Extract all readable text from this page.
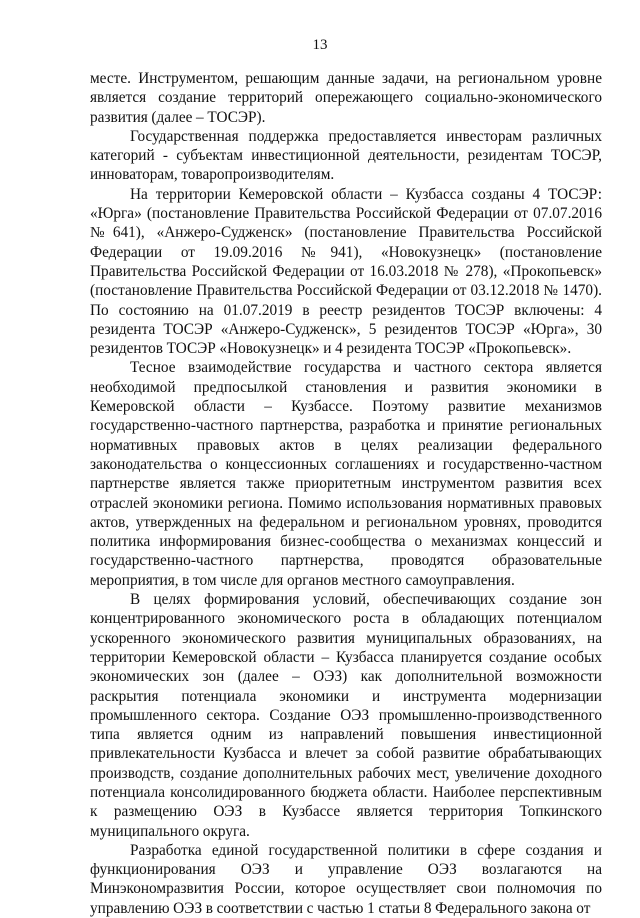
13

месте. Инструментом, решающим данные задачи, на региональном уровне является создание территорий опережающего социально-экономического развития (далее – ТОСЭР).

Государственная поддержка предоставляется инвесторам различных категорий - субъектам инвестиционной деятельности, резидентам ТОСЭР, инноваторам, товаропроизводителям.

На территории Кемеровской области – Кузбасса созданы 4 ТОСЭР: «Юрга» (постановление Правительства Российской Федерации от 07.07.2016 №641), «Анжеро-Судженск» (постановление Правительства Российской Федерации от 19.09.2016 №941), «Новокузнецк» (постановление Правительства Российской Федерации от 16.03.2018 № 278), «Прокопьевск» (постановление Правительства Российской Федерации от 03.12.2018 № 1470). По состоянию на 01.07.2019 в реестр резидентов ТОСЭР включены: 4 резидента ТОСЭР «Анжеро-Судженск», 5 резидентов ТОСЭР «Юрга», 30 резидентов ТОСЭР «Новокузнецк» и 4 резидента ТОСЭР «Прокопьевск».

Тесное взаимодействие государства и частного сектора является необходимой предпосылкой становления и развития экономики в Кемеровской области – Кузбассе. Поэтому развитие механизмов государственно-частного партнерства, разработка и принятие региональных нормативных правовых актов в целях реализации федерального законодательства о концессионных соглашениях и государственно-частном партнерстве является также приоритетным инструментом развития всех отраслей экономики региона. Помимо использования нормативных правовых актов, утвержденных на федеральном и региональном уровнях, проводится политика информирования бизнес-сообщества о механизмах концессий и государственно-частного партнерства, проводятся образовательные мероприятия, в том числе для органов местного самоуправления.

В целях формирования условий, обеспечивающих создание зон концентрированного экономического роста в обладающих потенциалом ускоренного экономического развития муниципальных образованиях, на территории Кемеровской области – Кузбасса планируется создание особых экономических зон (далее – ОЭЗ) как дополнительной возможности раскрытия потенциала экономики и инструмента модернизации промышленного сектора. Создание ОЭЗ промышленно-производственного типа является одним из направлений повышения инвестиционной привлекательности Кузбасса и влечет за собой развитие обрабатывающих производств, создание дополнительных рабочих мест, увеличение доходного потенциала консолидированного бюджета области. Наиболее перспективным к размещению ОЭЗ в Кузбассе является территория Топкинского муниципального округа.

Разработка единой государственной политики в сфере создания и функционирования ОЭЗ и управление ОЭЗ возлагаются на Минэкономразвития России, которое осуществляет свои полномочия по управлению ОЭЗ в соответствии с частью 1 статьи 8 Федерального закона от
